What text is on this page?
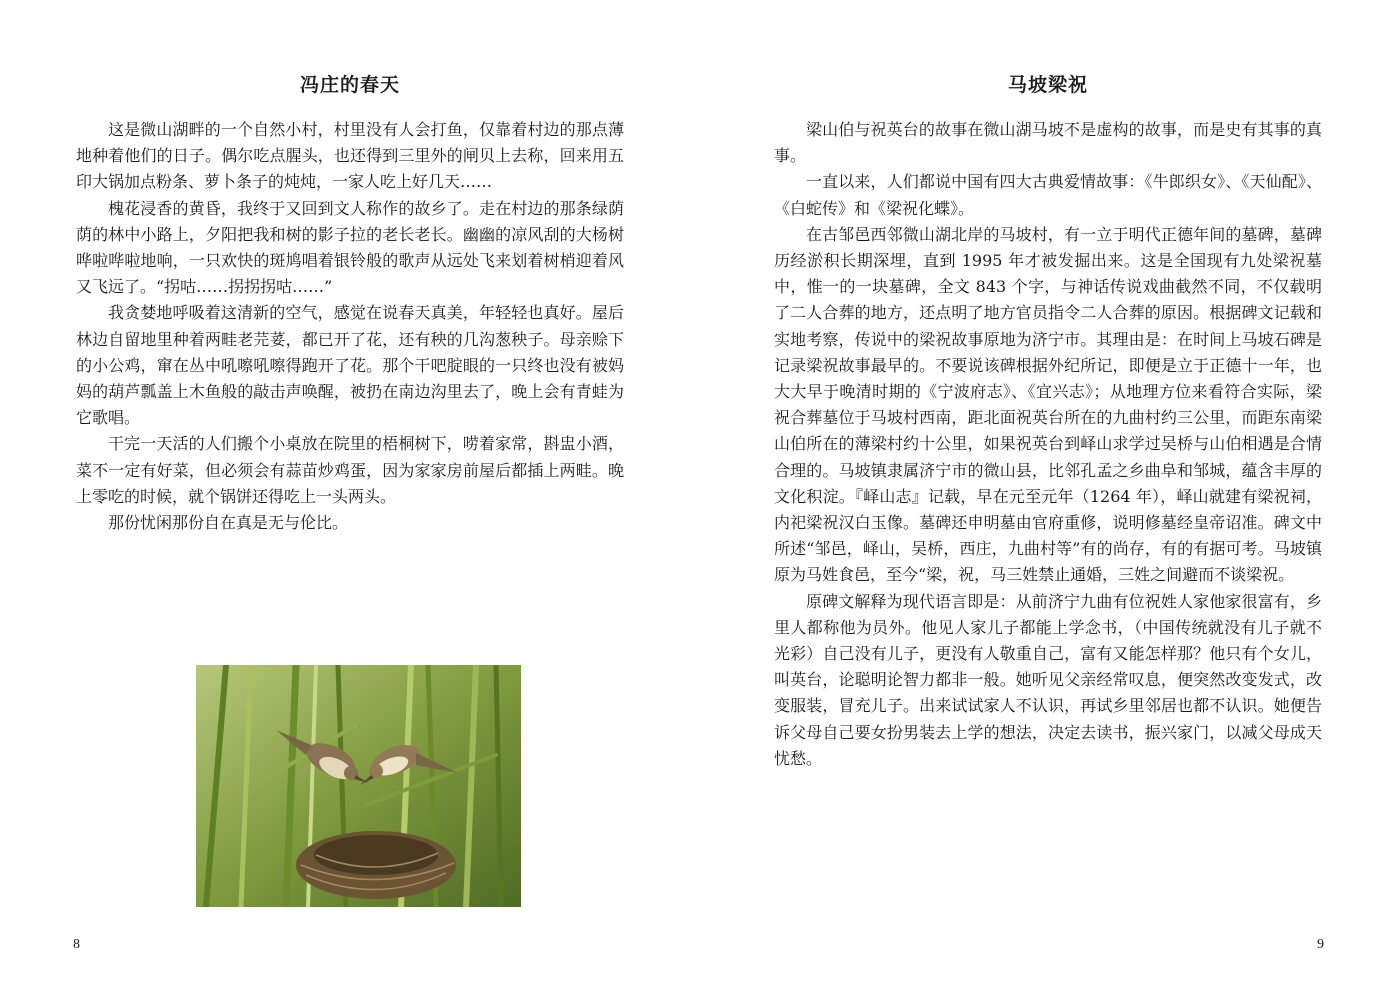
冯庄的春天

这是微山湖畔的一个自然小村，村里没有人会打鱼，仅靠着村边的那点薄地种着他们的日子。偶尔吃点腥头，也还得到三里外的闸贝上去称，回来用五印大锅加点粉条、萝卜条子的炖炖，一家人吃上好几天……

槐花浸香的黄昏，我终于又回到文人称作的故乡了。走在村边的那条绿荫荫的林中小路上，夕阳把我和树的影子拉的老长老长。幽幽的凉风刮的大杨树哗啦哗啦地响，一只欢快的斑鸠唱着银铃般的歌声从远处飞来划着树梢迎着风又飞远了。“拐咕……拐拐拐咕……”

我贪婪地呼吸着这清新的空气，感觉在说春天真美，年轻轻也真好。屋后林边自留地里种着两畦老芫荽，都已开了花，还有秧的几沟葱秧子。母亲赊下的小公鸡，窜在丛中吼嚓吼嚓得跑开了花。那个干吧腚眼的一只终也没有被妈妈的葫芦瓢盖上木鱼般的敲击声唤醒，被扔在南边沟里去了，晚上会有青蛙为它歌唱。

干完一天活的人们搬个小桌放在院里的梧桐树下，唠着家常，斟盅小酒，菜不一定有好菜，但必须会有蒜苗炒鸡蛋，因为家家房前屋后都插上两畦。晚上零吃的时候，就个锅饼还得吃上一头两头。

那份忧闲那份自在真是无与伦比。

8
马坡梁祝

梁山伯与祝英台的故事在微山湖马坡不是虚构的故事，而是史有其事的真事。

一直以来，人们都说中国有四大古典爱情故事：《牛郎织女》、《天仙配》、《白蛇传》和《梁祝化蝶》。

在古邹邑西邻微山湖北岸的马坡村，有一立于明代正德年间的墓碑，墓碑历经淤积长期深埋，直到 1995 年才被发掘出来。这是全国现有九处梁祝墓中，惟一的一块墓碑，全文 843 个字，与神话传说戏曲截然不同，不仅载明了二人合葬的地方，还点明了地方官员指令二人合葬的原因。根据碑文记载和实地考察，传说中的梁祝故事原地为济宁市。其理由是：在时间上马坡石碑是记录梁祝故事最早的。不要说该碑根据外纪所记，即便是立于正德十一年，也大大早于晚清时期的《宁波府志》、《宜兴志》；从地理方位来看符合实际，梁祝合葬墓位于马坡村西南，距北面祝英台所在的九曲村约三公里，而距东南梁山伯所在的薄梁村约十公里，如果祝英台到峄山求学过吴桥与山伯相遇是合情合理的。马坡镇隶属济宁市的微山县，比邻孔孟之乡曲阜和邹城，蕴含丰厚的文化积淀。『峄山志』记载，早在元至元年（1264 年），峄山就建有梁祝祠，内祀梁祝汉白玉像。墓碑还申明墓由官府重修，说明修墓经皇帝诏准。碑文中所述“邹邑，峄山，吴桥，西庄，九曲村等”有的尚存，有的有据可考。马坡镇原为马姓食邑，至今“梁，祝，马三姓禁止通婚，三姓之间避而不谈梁祝。

原碑文解释为现代语言即是：从前济宁九曲有位祝姓人家他家很富有，乡里人都称他为员外。他见人家儿子都能上学念书，（中国传统就没有儿子就不光彩）自己没有儿子，更没有人敬重自己，富有又能怎样那？他只有个女儿，叫英台，论聪明论智力都非一般。她听见父亲经常叹息，便突然改变发式，改变服装，冒充儿子。出来试试家人不认识，再试乡里邻居也都不认识。她便告诉父母自己要女扮男装去上学的想法，决定去读书，振兴家门，以减父母成天忧愁。

9
